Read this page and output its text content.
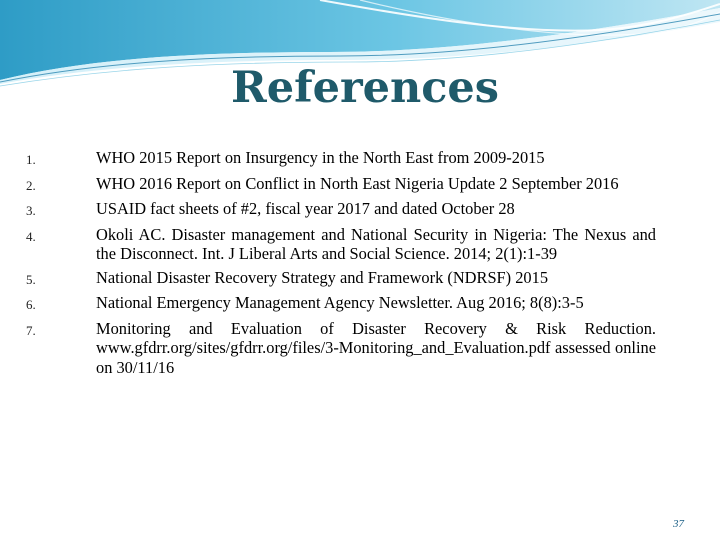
References
1.	WHO 2015 Report on Insurgency in the North East from 2009-2015
2.	WHO 2016 Report on Conflict in North East Nigeria Update 2 September 2016
3.	USAID fact sheets of #2, fiscal year 2017 and dated October 28
4.	Okoli AC. Disaster management and National Security in Nigeria: The Nexus and the Disconnect. Int. J Liberal Arts and Social Science. 2014; 2(1):1-39
5.	National Disaster Recovery Strategy and Framework (NDRSF) 2015
6.	National Emergency Management Agency Newsletter. Aug 2016; 8(8):3-5
7.	Monitoring and Evaluation of Disaster Recovery & Risk Reduction. www.gfdrr.org/sites/gfdrr.org/files/3-Monitoring_and_Evaluation.pdf assessed online on 30/11/16
37
